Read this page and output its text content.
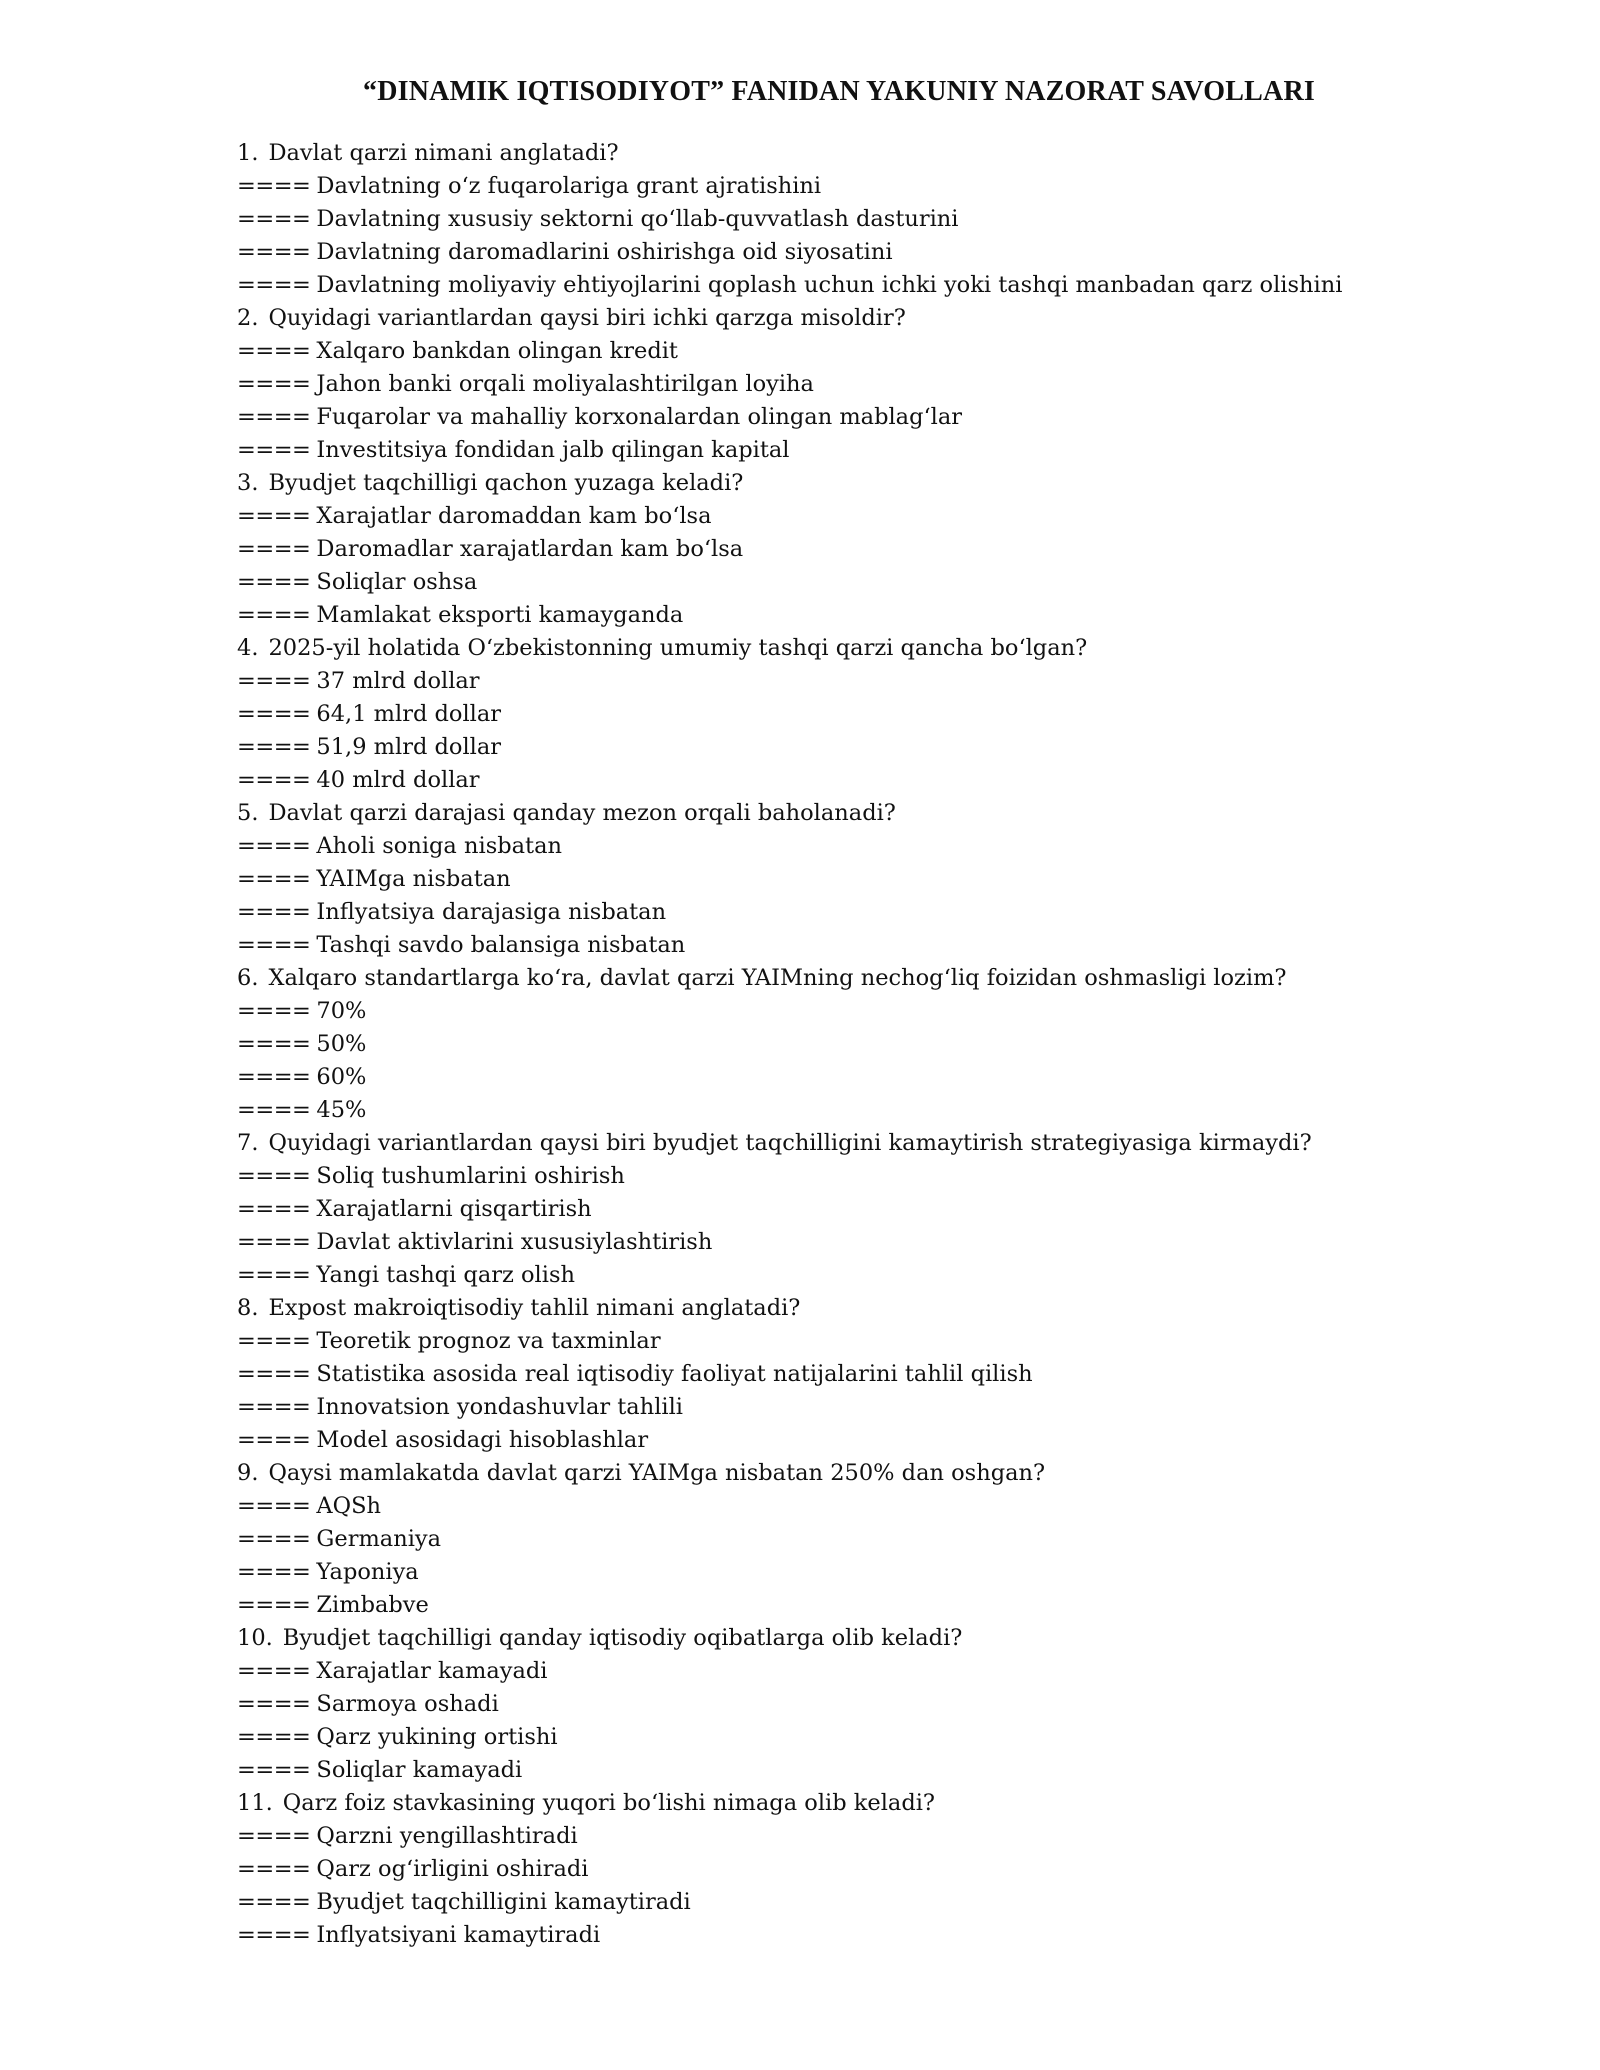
“DINAMIK IQTISODIYOT” FANIDAN YAKUNIY NAZORAT SAVOLLARI
1. Davlat qarzi nimani anglatadi?
==== Davlatning o‘z fuqarolariga grant ajratishini
==== Davlatning xususiy sektorni qo‘llab-quvvatlash dasturini
==== Davlatning daromadlarini oshirishga oid siyosatini
==== Davlatning moliyaviy ehtiyojlarini qoplash uchun ichki yoki tashqi manbadan qarz olishini
2. Quyidagi variantlardan qaysi biri ichki qarzga misoldir?
==== Xalqaro bankdan olingan kredit
==== Jahon banki orqali moliyalashtirilgan loyiha
==== Fuqarolar va mahalliy korxonalardan olingan mablag‘lar
==== Investitsiya fondidan jalb qilingan kapital
3. Byudjet taqchilligi qachon yuzaga keladi?
==== Xarajatlar daromaddan kam bo‘lsa
==== Daromadlar xarajatlardan kam bo‘lsa
==== Soliqlar oshsa
==== Mamlakat eksporti kamayganda
4. 2025-yil holatida O‘zbekistonning umumiy tashqi qarzi qancha bo‘lgan?
==== 37 mlrd dollar
==== 64,1 mlrd dollar
==== 51,9 mlrd dollar
==== 40 mlrd dollar
5. Davlat qarzi darajasi qanday mezon orqali baholanadi?
==== Aholi soniga nisbatan
==== YAIMga nisbatan
==== Inflyatsiya darajasiga nisbatan
==== Tashqi savdo balansiga nisbatan
6. Xalqaro standartlarga ko‘ra, davlat qarzi YAIMning nechog‘liq foizidan oshmasligi lozim?
==== 70%
==== 50%
==== 60%
==== 45%
7. Quyidagi variantlardan qaysi biri byudjet taqchilligini kamaytirish strategiyasiga kirmaydi?
==== Soliq tushumlarini oshirish
==== Xarajatlarni qisqartirish
==== Davlat aktivlarini xususiylashtirish
==== Yangi tashqi qarz olish
8. Expost makroiqtisodiy tahlil nimani anglatadi?
==== Teoretik prognoz va taxminlar
==== Statistika asosida real iqtisodiy faoliyat natijalarini tahlil qilish
==== Innovatsion yondashuvlar tahlili
==== Model asosidagi hisoblashlar
9. Qaysi mamlakatda davlat qarzi YAIMga nisbatan 250% dan oshgan?
==== AQSh
==== Germaniya
==== Yaponiya
==== Zimbabve
10. Byudjet taqchilligi qanday iqtisodiy oqibatlarga olib keladi?
==== Xarajatlar kamayadi
==== Sarmoya oshadi
==== Qarz yukining ortishi
==== Soliqlar kamayadi
11. Qarz foiz stavkasining yuqori bo‘lishi nimaga olib keladi?
==== Qarzni yengillashtiradi
==== Qarz og‘irligini oshiradi
==== Byudjet taqchilligini kamaytiradi
==== Inflyatsiyani kamaytiradi
